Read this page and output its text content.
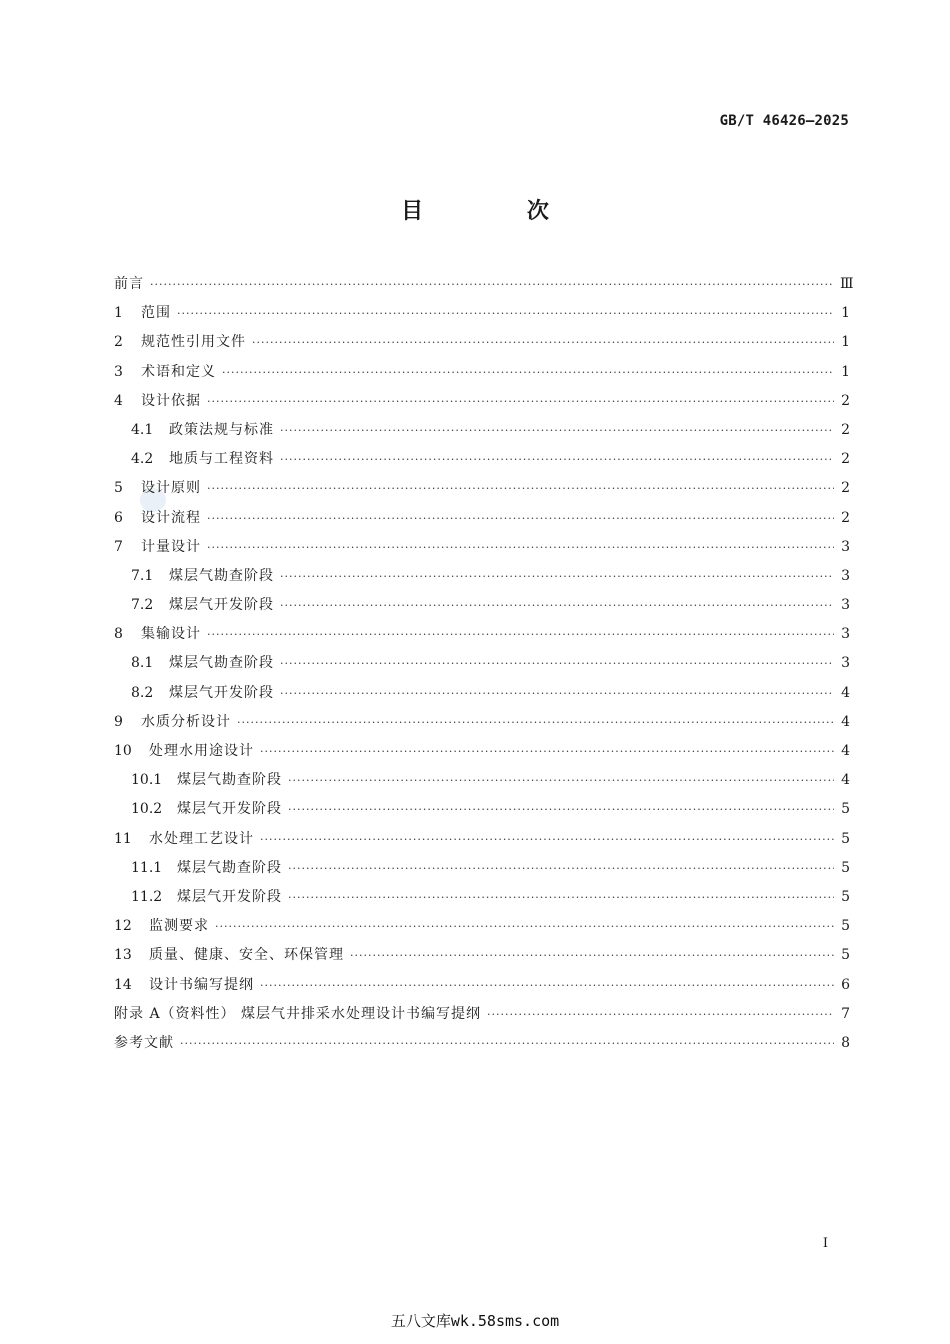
GB/T 46426—2025
目 次
前言 ·····	Ⅲ
1	范围 ·····	1
2	规范性引用文件 ·····	1
3	术语和定义 ·····	1
4	设计依据 ·····	2
4.1	政策法规与标准 ·····	2
4.2	地质与工程资料 ·····	2
5	设计原则 ·····	2
6	设计流程 ·····	2
7	计量设计 ·····	3
7.1	煤层气勘查阶段 ·····	3
7.2	煤层气开发阶段 ·····	3
8	集输设计 ·····	3
8.1	煤层气勘查阶段 ·····	3
8.2	煤层气开发阶段 ·····	4
9	水质分析设计 ·····	4
10	处理水用途设计 ·····	4
10.1	煤层气勘查阶段 ·····	4
10.2	煤层气开发阶段 ·····	5
11	水处理工艺设计 ·····	5
11.1	煤层气勘查阶段 ·····	5
11.2	煤层气开发阶段 ·····	5
12	监测要求 ·····	5
13	质量、健康、安全、环保管理 ·····	5
14	设计书编写提纲 ·····	6
附录 A（资料性） 煤层气井排采水处理设计书编写提纲 ·····	7
参考文献 ·····	8
Ⅰ
五八文库wk.58sms.com
